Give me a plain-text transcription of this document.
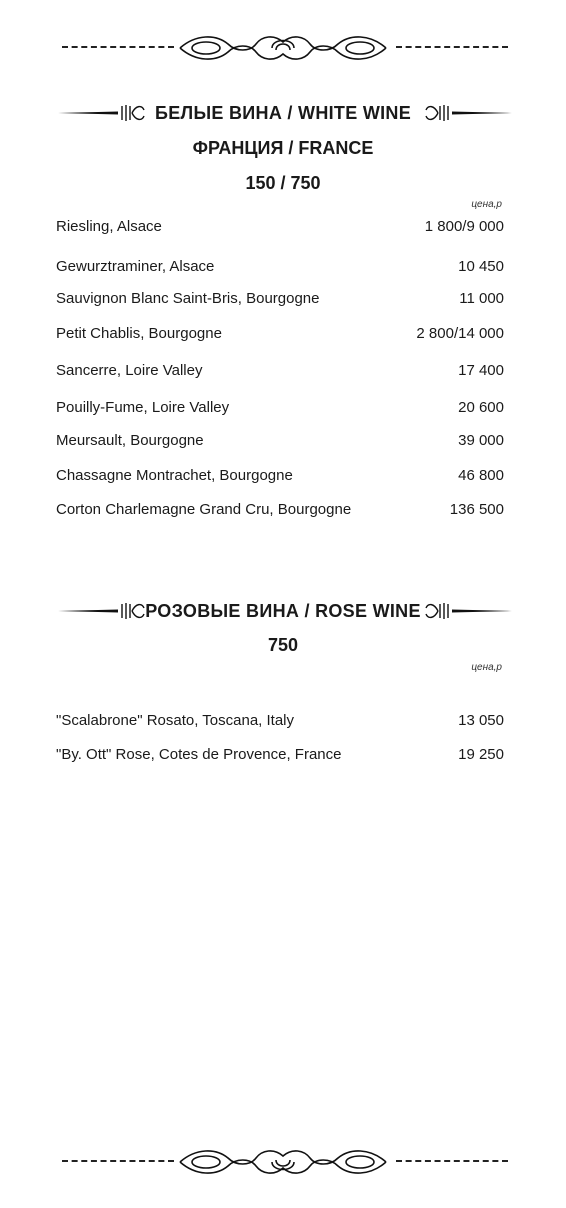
БЕЛЫЕ ВИНА / WHITE WINE
ФРАНЦИЯ / FRANCE
150 / 750
цена,р
Riesling, Alsace	1 800/9 000
Gewurztraminer, Alsace	10 450
Sauvignon Blanc Saint-Bris, Bourgogne	11 000
Petit Chablis, Bourgogne	2 800/14 000
Sancerre, Loire Valley	17 400
Pouilly-Fume, Loire Valley	20 600
Meursault, Bourgogne	39 000
Chassagne Montrachet, Bourgogne	46 800
Corton Charlemagne Grand Cru, Bourgogne	136 500
РОЗОВЫЕ ВИНА / ROSE WINE
750
цена,р
"Scalabrone" Rosato, Toscana, Italy	13 050
"By. Ott" Rose, Cotes de Provence, France	19 250
